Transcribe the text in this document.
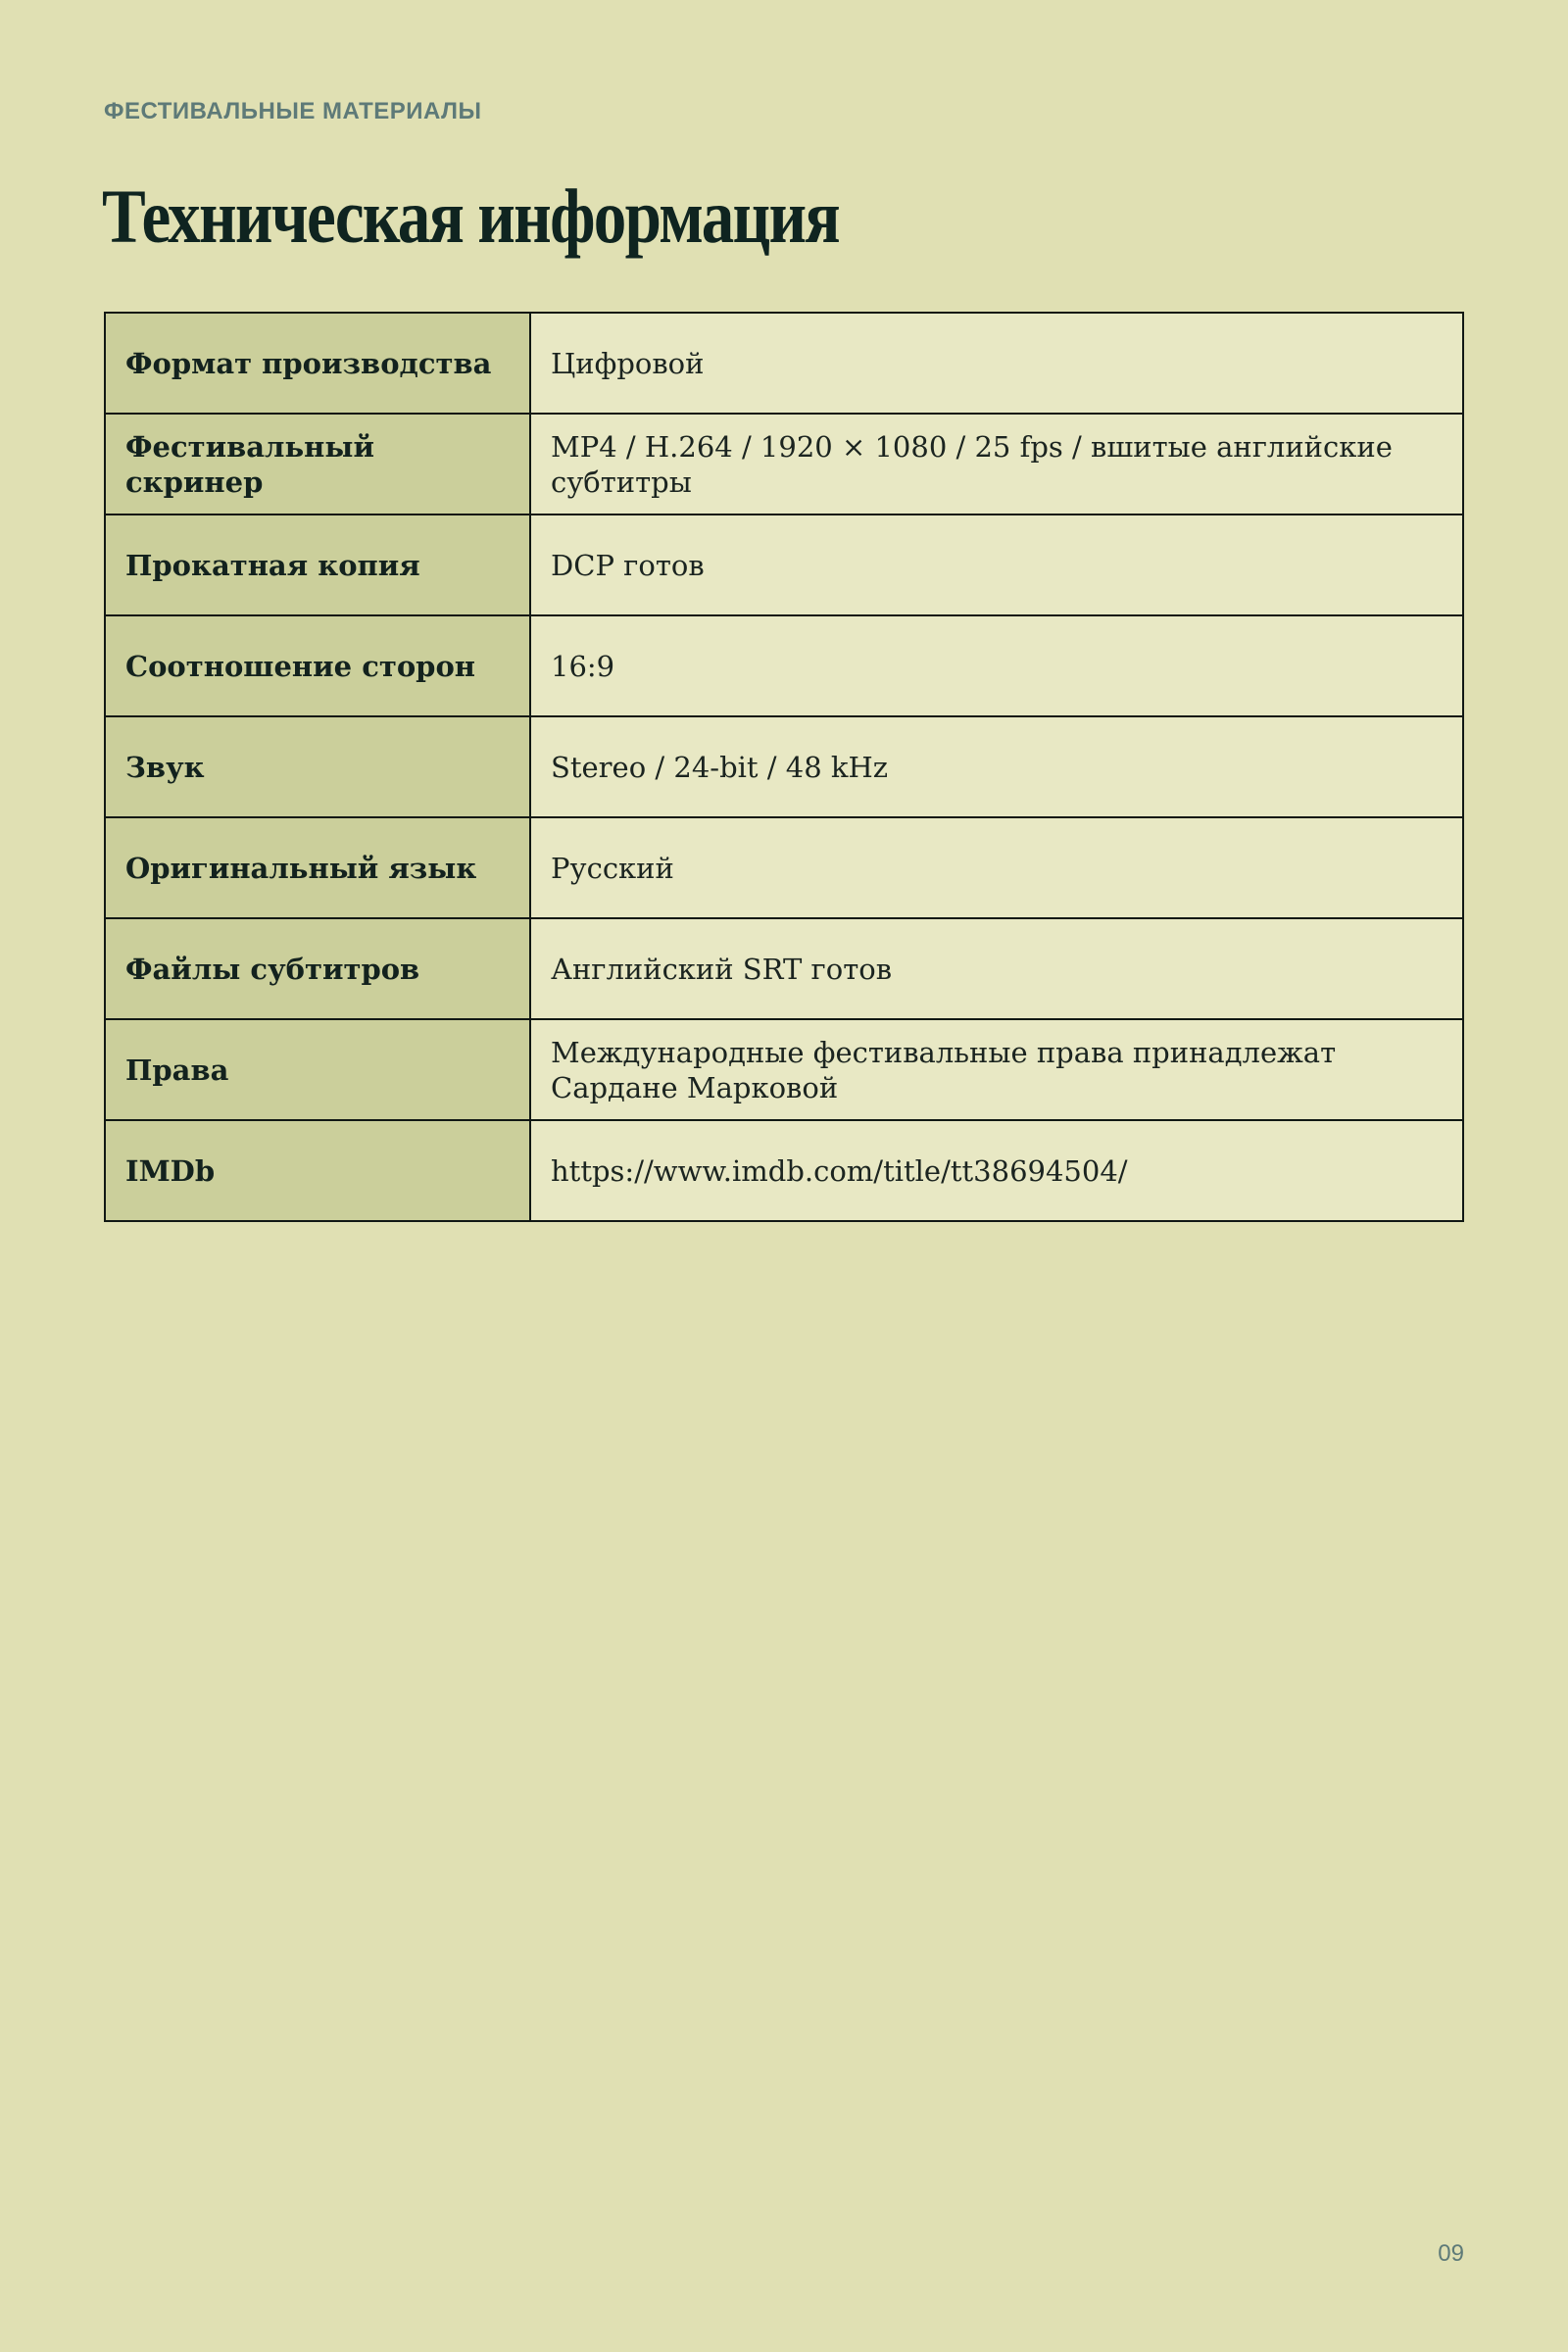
ФЕСТИВАЛЬНЫЕ МАТЕРИАЛЫ
Техническая информация
Формат производства	Цифровой
Фестивальный скринер	MP4 / H.264 / 1920 × 1080 / 25 fps / вшитые английские субтитры
Прокатная копия	DCP готов
Соотношение сторон	16:9
Звук	Stereo / 24-bit / 48 kHz
Оригинальный язык	Русский
Файлы субтитров	Английский SRT готов
Права	Международные фестивальные права принадлежат Сардане Марковой
IMDb	https://www.imdb.com/title/tt38694504/
09
